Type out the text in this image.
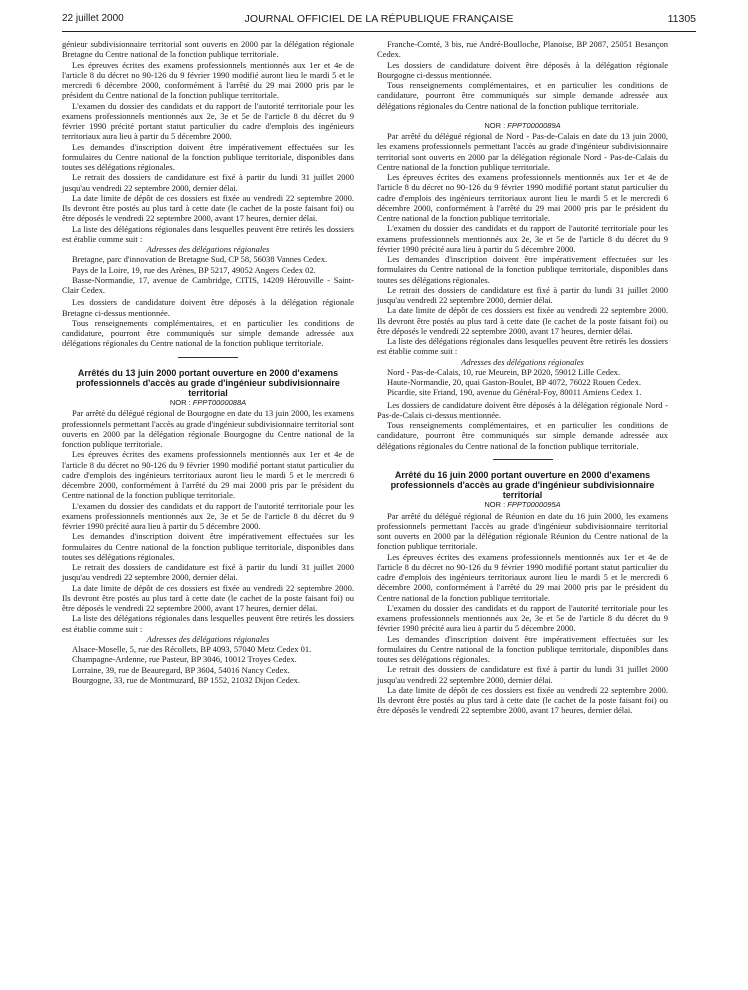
22 juillet 2000	JOURNAL OFFICIEL DE LA RÉPUBLIQUE FRANÇAISE	11305

génieur subdivisionnaire territorial sont ouverts en 2000 par la délégation régionale Bretagne du Centre national de la fonction publique territoriale.

Les épreuves écrites des examens professionnels mentionnés aux 1er et 4e de l'article 8 du décret no 90-126 du 9 février 1990 modifié auront lieu le mardi 5 et le mercredi 6 décembre 2000, conformément à l'arrêté du 29 mai 2000 pris par le président du Centre national de la fonction publique territoriale.

L'examen du dossier des candidats et du rapport de l'autorité territoriale pour les examens professionnels mentionnés aux 2e, 3e et 5e de l'article 8 du décret du 9 février 1990 précité portant statut particulier du cadre d'emplois des ingénieurs territoriaux aura lieu à partir du 5 décembre 2000.

Les demandes d'inscription doivent être impérativement effectuées sur les formulaires du Centre national de la fonction publique territoriale, disponibles dans toutes ses délégations régionales.

Le retrait des dossiers de candidature est fixé à partir du lundi 31 juillet 2000 jusqu'au vendredi 22 septembre 2000, dernier délai.

La date limite de dépôt de ces dossiers est fixée au vendredi 22 septembre 2000. Ils devront être postés au plus tard à cette date (le cachet de la poste faisant foi) ou être déposés le vendredi 22 septembre 2000, avant 17 heures, dernier délai.

La liste des délégations régionales dans lesquelles peuvent être retirés les dossiers est établie comme suit :

Adresses des délégations régionales

Bretagne, parc d'innovation de Bretagne Sud, CP 58, 56038 Vannes Cedex.

Pays de la Loire, 19, rue des Arènes, BP 5217, 49052 Angers Cedex 02.

Basse-Normandie, 17, avenue de Cambridge, CITIS, 14209 Hérouville - Saint-Clair Cedex.

Les dossiers de candidature doivent être déposés à la délégation régionale Bretagne ci-dessus mentionnée.

Tous renseignements complémentaires, et en particulier les conditions de candidature, pourront être communiqués sur simple demande adressée aux délégations régionales du Centre national de la fonction publique territoriale.

Arrêtés du 13 juin 2000 portant ouverture en 2000 d'examens professionnels d'accès au grade d'ingénieur subdivisionnaire territorial

NOR : FPPT0000088A

Par arrêté du délégué régional de Bourgogne en date du 13 juin 2000, les examens professionnels permettant l'accès au grade d'ingénieur subdivisionnaire territorial sont ouverts en 2000 par la délégation régionale Bourgogne du Centre national de la fonction publique territoriale.

Les épreuves écrites des examens professionnels mentionnés aux 1er et 4e de l'article 8 du décret no 90-126 du 9 février 1990 modifié portant statut particulier du cadre d'emplois des ingénieurs territoriaux auront lieu le mardi 5 et le mercredi 6 décembre 2000, conformément à l'arrêté du 29 mai 2000 pris par le président du Centre national de la fonction publique territoriale.

L'examen du dossier des candidats et du rapport de l'autorité territoriale pour les examens professionnels mentionnés aux 2e, 3e et 5e de l'article 8 du décret du 9 février 1990 précité aura lieu à partir du 5 décembre 2000.

Les demandes d'inscription doivent être impérativement effectuées sur les formulaires du Centre national de la fonction publique territoriale, disponibles dans toutes ses délégations régionales.

Le retrait des dossiers de candidature est fixé à partir du lundi 31 juillet 2000 jusqu'au vendredi 22 septembre 2000, dernier délai.

La date limite de dépôt de ces dossiers est fixée au vendredi 22 septembre 2000. Ils devront être postés au plus tard à cette date (le cachet de la poste faisant foi) ou être déposés le vendredi 22 septembre 2000, avant 17 heures, dernier délai.

La liste des délégations régionales dans lesquelles peuvent être retirés les dossiers est établie comme suit :

Adresses des délégations régionales

Alsace-Moselle, 5, rue des Récollets, BP 4093, 57040 Metz Cedex 01.

Champagne-Ardenne, rue Pasteur, BP 3046, 10012 Troyes Cedex.

Lorraine, 39, rue de Beauregard, BP 3604, 54016 Nancy Cedex.

Bourgogne, 33, rue de Montmuzard, BP 1552, 21032 Dijon Cedex.

Franche-Comté, 3 bis, rue André-Boulloche, Planoise, BP 2087, 25051 Besançon Cedex.

Les dossiers de candidature doivent être déposés à la délégation régionale Bourgogne ci-dessus mentionnée.

Tous renseignements complémentaires, et en particulier les conditions de candidature, pourront être communiqués sur simple demande adressée aux délégations régionales du Centre national de la fonction publique territoriale.

NOR : FPPT0000089A

Par arrêté du délégué régional de Nord - Pas-de-Calais en date du 13 juin 2000, les examens professionnels permettant l'accès au grade d'ingénieur subdivisionnaire territorial sont ouverts en 2000 par la délégation régionale Nord - Pas-de-Calais du Centre national de la fonction publique territoriale.

Les épreuves écrites des examens professionnels mentionnés aux 1er et 4e de l'article 8 du décret no 90-126 du 9 février 1990 modifié portant statut particulier du cadre d'emplois des ingénieurs territoriaux auront lieu le mardi 5 et le mercredi 6 décembre 2000, conformément à l'arrêté du 29 mai 2000 pris par le président du Centre national de la fonction publique territoriale.

L'examen du dossier des candidats et du rapport de l'autorité territoriale pour les examens professionnels mentionnés aux 2e, 3e et 5e de l'article 8 du décret du 9 février 1990 précité aura lieu à partir du 5 décembre 2000.

Les demandes d'inscription doivent être impérativement effectuées sur les formulaires du Centre national de la fonction publique territoriale, disponibles dans toutes ses délégations régionales.

Le retrait des dossiers de candidature est fixé à partir du lundi 31 juillet 2000 jusqu'au vendredi 22 septembre 2000, dernier délai.

La date limite de dépôt de ces dossiers est fixée au vendredi 22 septembre 2000. Ils devront être postés au plus tard à cette date (le cachet de la poste faisant foi) ou être déposés le vendredi 22 septembre 2000, avant 17 heures, dernier délai.

La liste des délégations régionales dans lesquelles peuvent être retirés les dossiers est établie comme suit :

Adresses des délégations régionales

Nord - Pas-de-Calais, 10, rue Meurein, BP 2020, 59012 Lille Cedex.

Haute-Normandie, 20, quai Gaston-Boulet, BP 4072, 76022 Rouen Cedex.

Picardie, site Friand, 190, avenue du Général-Foy, 80011 Amiens Cedex 1.

Les dossiers de candidature doivent être déposés à la délégation régionale Nord - Pas-de-Calais ci-dessus mentionnée.

Tous renseignements complémentaires, et en particulier les conditions de candidature, pourront être communiqués sur simple demande adressée aux délégations régionales du Centre national de la fonction publique territoriale.

Arrêté du 16 juin 2000 portant ouverture en 2000 d'examens professionnels d'accès au grade d'ingénieur subdivisionnaire territorial

NOR : FPPT0000095A

Par arrêté du délégué régional de Réunion en date du 16 juin 2000, les examens professionnels permettant l'accès au grade d'ingénieur subdivisionnaire territorial sont ouverts en 2000 par la délégation régionale Réunion du Centre national de la fonction publique territoriale.

Les épreuves écrites des examens professionnels mentionnés aux 1er et 4e de l'article 8 du décret no 90-126 du 9 février 1990 modifié portant statut particulier du cadre d'emplois des ingénieurs territoriaux auront lieu le mardi 5 et le mercredi 6 décembre 2000, conformément à l'arrêté du 29 mai 2000 pris par le président du Centre national de la fonction publique territoriale.

L'examen du dossier des candidats et du rapport de l'autorité territoriale pour les examens professionnels mentionnés aux 2e, 3e et 5e de l'article 8 du décret du 9 février 1990 précité aura lieu à partir du 5 décembre 2000.

Les demandes d'inscription doivent être impérativement effectuées sur les formulaires du Centre national de la fonction publique territoriale, disponibles dans toutes ses délégations régionales.

Le retrait des dossiers de candidature est fixé à partir du lundi 31 juillet 2000 jusqu'au vendredi 22 septembre 2000, dernier délai.

La date limite de dépôt de ces dossiers est fixée au vendredi 22 septembre 2000. Ils devront être postés au plus tard à cette date (le cachet de la poste faisant foi) ou être déposés le vendredi 22 septembre 2000, avant 17 heures, dernier délai.
